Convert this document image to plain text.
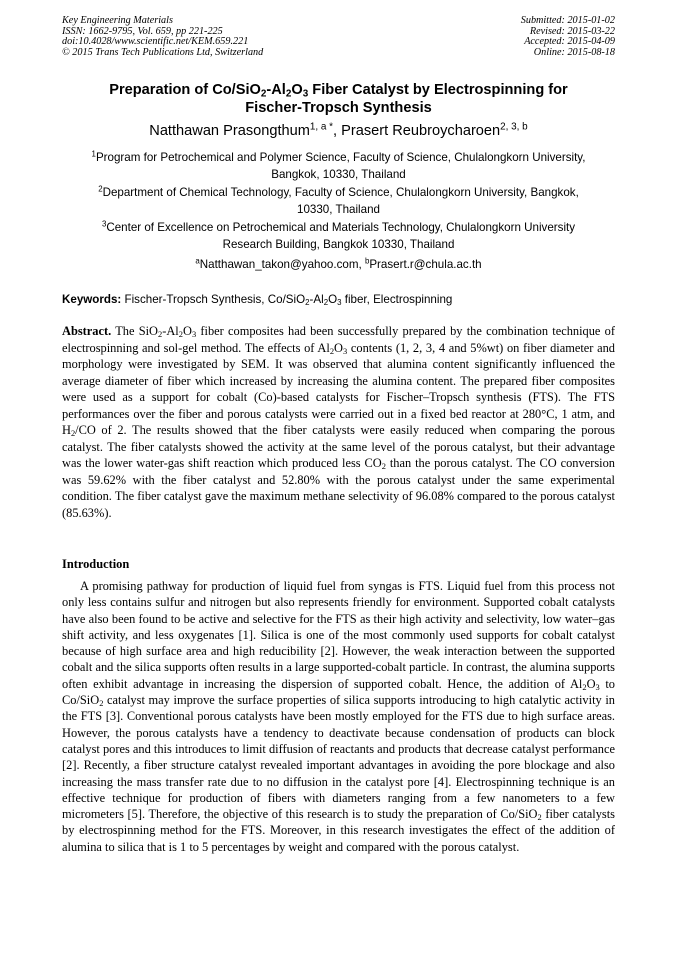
Key Engineering Materials
ISSN: 1662-9795, Vol. 659, pp 221-225
doi:10.4028/www.scientific.net/KEM.659.221
© 2015 Trans Tech Publications Ltd, Switzerland
Submitted: 2015-01-02
Revised: 2015-03-22
Accepted: 2015-04-09
Online: 2015-08-18
Preparation of $Co/SiO_2-Al_2O_3$ Fiber Catalyst by Electrospinning for
Fischer-Tropsch Synthesis
Natthawan Prasongthum$^{1, a *}$, Prasert Reubroycharoen$^{2, 3, b}$
$^1$Program for Petrochemical and Polymer Science, Faculty of Science, Chulalongkorn University,
Bangkok, 10330, Thailand
$^2$Department of Chemical Technology, Faculty of Science, Chulalongkorn University, Bangkok,
10330, Thailand
$^3$Center of Excellence on Petrochemical and Materials Technology, Chulalongkorn University
Research Building, Bangkok 10330, Thailand
$^a$Natthawan_takon@yahoo.com, $^b$Prasert.r@chula.ac.th
Keywords: Fischer-Tropsch Synthesis, $Co/SiO_2-Al_2O_3$ fiber, Electrospinning
Abstract. The $SiO_2-Al_2O_3$ fiber composites had been successfully prepared by the combination technique of electrospinning and sol-gel method. The effects of $Al_2O_3$ contents (1, 2, 3, 4 and 5%wt) on fiber diameter and morphology were investigated by SEM. It was observed that alumina content significantly influenced the average diameter of fiber which increased by increasing the alumina content. The prepared fiber composites were used as a support for cobalt (Co)-based catalysts for Fischer–Tropsch synthesis (FTS). The FTS performances over the fiber and porous catalysts were carried out in a fixed bed reactor at 280°C, 1 atm, and $H_2/CO$ of 2. The results showed that the fiber catalysts were easily reduced when comparing the porous catalyst. The fiber catalysts showed the activity at the same level of the porous catalyst, but their advantage was the lower water-gas shift reaction which produced less $CO_2$ than the porous catalyst. The CO conversion was 59.62% with the fiber catalyst and 52.80% with the porous catalyst under the same experimental condition. The fiber catalyst gave the maximum methane selectivity of 96.08% compared to the porous catalyst (85.63%).
Introduction
A promising pathway for production of liquid fuel from syngas is FTS. Liquid fuel from this process not only less contains sulfur and nitrogen but also represents friendly for environment. Supported cobalt catalysts have also been found to be active and selective for the FTS as their high activity and selectivity, low water–gas shift activity, and less oxygenates [1]. Silica is one of the most commonly used supports for cobalt catalyst because of high surface area and high reducibility [2]. However, the weak interaction between the supported cobalt and the silica supports often results in a large supported-cobalt particle. In contrast, the alumina supports often exhibit advantage in increasing the dispersion of supported cobalt. Hence, the addition of $Al_2O_3$ to Co/SiO$_2$ catalyst may improve the surface properties of silica supports introducing to high catalytic activity in the FTS [3]. Conventional porous catalysts have been mostly employed for the FTS due to high surface areas. However, the porous catalysts have a tendency to deactivate because condensation of products can block catalyst pores and this introduces to limit diffusion of reactants and products that decrease catalyst performance [2]. Recently, a fiber structure catalyst revealed important advantages in avoiding the pore blockage and also increasing the mass transfer rate due to no diffusion in the catalyst pore [4]. Electrospinning technique is an effective technique for production of fibers with diameters ranging from a few nanometers to a few micrometers [5]. Therefore, the objective of this research is to study the preparation of Co/SiO$_2$ fiber catalysts by electrospinning method for the FTS. Moreover, in this research investigates the effect of the addition of alumina to silica that is 1 to 5 percentages by weight and compared with the porous catalyst.
